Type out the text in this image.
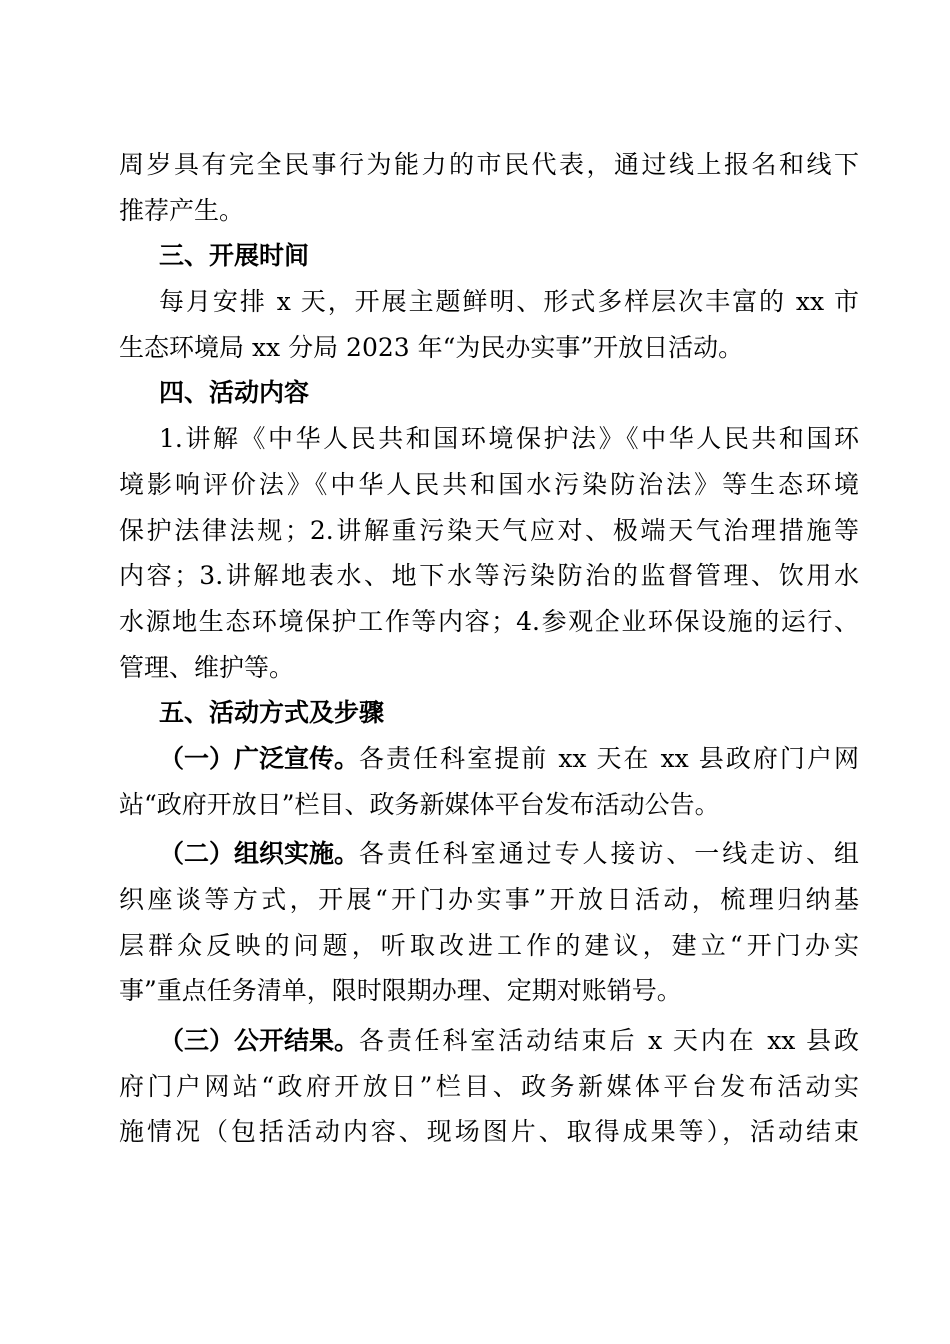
周岁具有完全民事行为能力的市民代表，通过线上报名和线下
推荐产生。
三、开展时间
每月安排 x 天，开展主题鲜明、形式多样层次丰富的 xx 市
生态环境局 xx 分局 2023 年“为民办实事”开放日活动。
四、活动内容
1.讲解《中华人民共和国环境保护法》《中华人民共和国环
境影响评价法》《中华人民共和国水污染防治法》等生态环境
保护法律法规；2.讲解重污染天气应对、极端天气治理措施等
内容；3.讲解地表水、地下水等污染防治的监督管理、饮用水
水源地生态环境保护工作等内容；4.参观企业环保设施的运行、
管理、维护等。
五、活动方式及步骤
（一）广泛宣传。 各责任科室提前 xx 天在 xx 县政府门户网
站“政府开放日”栏目、政务新媒体平台发布活动公告。
（二）组织实施。 各责任科室通过专人接访、一线走访、组
织座谈等方式，开展“开门办实事”开放日活动，梳理归纳基
层群众反映的问题，听取改进工作的建议，建立“开门办实
事”重点任务清单，限时限期办理、定期对账销号。
（三）公开结果。 各责任科室活动结束后 x 天内在 xx 县政
府门户网站“政府开放日”栏目、政务新媒体平台发布活动实
施情况（包括活动内容、现场图片、取得成果等），活动结束
